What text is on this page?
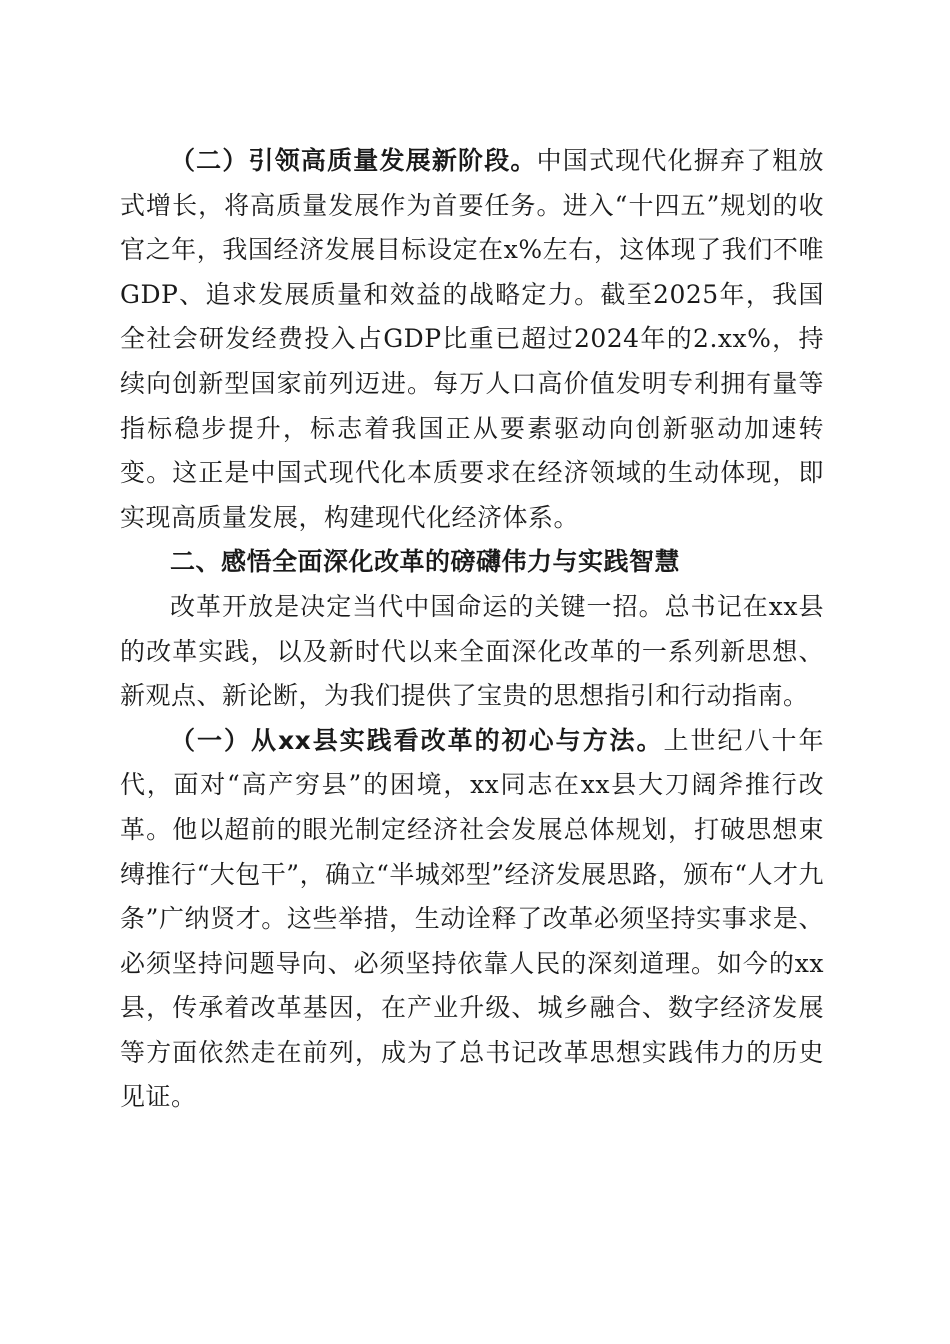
（二）引领高质量发展新阶段。中国式现代化摒弃了粗放式增长，将高质量发展作为首要任务。进入“十四五”规划的收官之年，我国经济发展目标设定在x%左右，这体现了我们不唯GDP、追求发展质量和效益的战略定力。截至2025年，我国全社会研发经费投入占GDP比重已超过2024年的2.xx%，持续向创新型国家前列迈进。每万人口高价值发明专利拥有量等指标稳步提升，标志着我国正从要素驱动向创新驱动加速转变。这正是中国式现代化本质要求在经济领域的生动体现，即实现高质量发展，构建现代化经济体系。

二、感悟全面深化改革的磅礴伟力与实践智慧

改革开放是决定当代中国命运的关键一招。总书记在xx县的改革实践，以及新时代以来全面深化改革的一系列新思想、新观点、新论断，为我们提供了宝贵的思想指引和行动指南。

（一）从xx县实践看改革的初心与方法。上世纪八十年代，面对“高产穷县”的困境，xx同志在xx县大刀阔斧推行改革。他以超前的眼光制定经济社会发展总体规划，打破思想束缚推行“大包干”，确立“半城郊型”经济发展思路，颁布“人才九条”广纳贤才。这些举措，生动诠释了改革必须坚持实事求是、必须坚持问题导向、必须坚持依靠人民的深刻道理。如今的xx县，传承着改革基因，在产业升级、城乡融合、数字经济发展等方面依然走在前列，成为了总书记改革思想实践伟力的历史见证。
